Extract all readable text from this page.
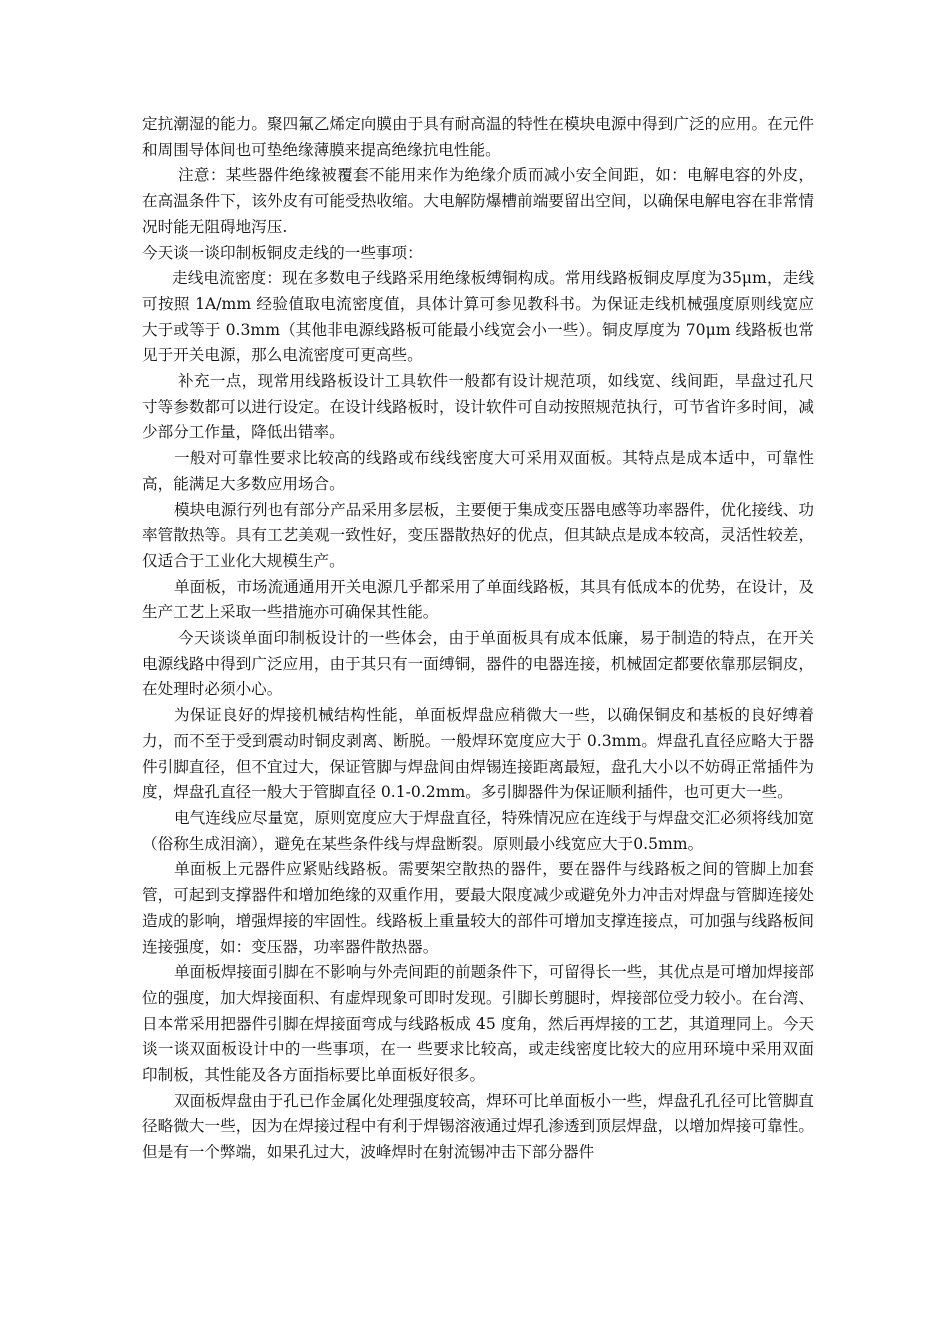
定抗潮湿的能力。聚四氟乙烯定向膜由于具有耐高温的特性在模块电源中得到广泛的应用。在元件和周围导体间也可垫绝缘薄膜来提高绝缘抗电性能。

注意：某些器件绝缘被覆套不能用来作为绝缘介质而减小安全间距，如：电解电容的外皮，在高温条件下，该外皮有可能受热收缩。大电解防爆槽前端要留出空间，以确保电解电容在非常情况时能无阻碍地泻压.

今天谈一谈印制板铜皮走线的一些事项：

走线电流密度：现在多数电子线路采用绝缘板缚铜构成。常用线路板铜皮厚度为35μm，走线可按照 1A/mm 经验值取电流密度值，具体计算可参见教科书。为保证走线机械强度原则线宽应大于或等于 0.3mm（其他非电源线路板可能最小线宽会小一些）。铜皮厚度为 70μm 线路板也常见于开关电源，那么电流密度可更高些。

补充一点，现常用线路板设计工具软件一般都有设计规范项，如线宽、线间距，旱盘过孔尺寸等参数都可以进行设定。在设计线路板时，设计软件可自动按照规范执行，可节省许多时间，减少部分工作量，降低出错率。

一般对可靠性要求比较高的线路或布线线密度大可采用双面板。其特点是成本适中，可靠性高，能满足大多数应用场合。

模块电源行列也有部分产品采用多层板，主要便于集成变压器电感等功率器件，优化接线、功率管散热等。具有工艺美观一致性好，变压器散热好的优点，但其缺点是成本较高，灵活性较差，仅适合于工业化大规模生产。

单面板，市场流通通用开关电源几乎都采用了单面线路板，其具有低成本的优势，在设计，及生产工艺上采取一些措施亦可确保其性能。

今天谈谈单面印制板设计的一些体会，由于单面板具有成本低廉，易于制造的特点，在开关电源线路中得到广泛应用，由于其只有一面缚铜，器件的电器连接，机械固定都要依靠那层铜皮，在处理时必须小心。

为保证良好的焊接机械结构性能，单面板焊盘应稍微大一些，以确保铜皮和基板的良好缚着力，而不至于受到震动时铜皮剥离、断脱。一般焊环宽度应大于 0.3mm。焊盘孔直径应略大于器件引脚直径，但不宜过大，保证管脚与焊盘间由焊锡连接距离最短，盘孔大小以不妨碍正常插件为度，焊盘孔直径一般大于管脚直径 0.1-0.2mm。多引脚器件为保证顺利插件，也可更大一些。

电气连线应尽量宽，原则宽度应大于焊盘直径，特殊情况应在连线于与焊盘交汇必须将线加宽（俗称生成泪滴），避免在某些条件线与焊盘断裂。原则最小线宽应大于0.5mm。

单面板上元器件应紧贴线路板。需要架空散热的器件，要在器件与线路板之间的管脚上加套管，可起到支撑器件和增加绝缘的双重作用，要最大限度减少或避免外力冲击对焊盘与管脚连接处造成的影响，增强焊接的牢固性。线路板上重量较大的部件可增加支撑连接点，可加强与线路板间连接强度，如：变压器，功率器件散热器。

单面板焊接面引脚在不影响与外壳间距的前题条件下，可留得长一些，其优点是可增加焊接部位的强度，加大焊接面积、有虚焊现象可即时发现。引脚长剪腿时，焊接部位受力较小。在台湾、日本常采用把器件引脚在焊接面弯成与线路板成 45 度角，然后再焊接的工艺，其道理同上。今天谈一谈双面板设计中的一些事项，在一 些要求比较高，或走线密度比较大的应用环境中采用双面印制板，其性能及各方面指标要比单面板好很多。

双面板焊盘由于孔已作金属化处理强度较高，焊环可比单面板小一些，焊盘孔孔径可比管脚直径略微大一些，因为在焊接过程中有利于焊锡溶液通过焊孔渗透到顶层焊盘，以增加焊接可靠性。但是有一个弊端，如果孔过大，波峰焊时在射流锡冲击下部分器件
